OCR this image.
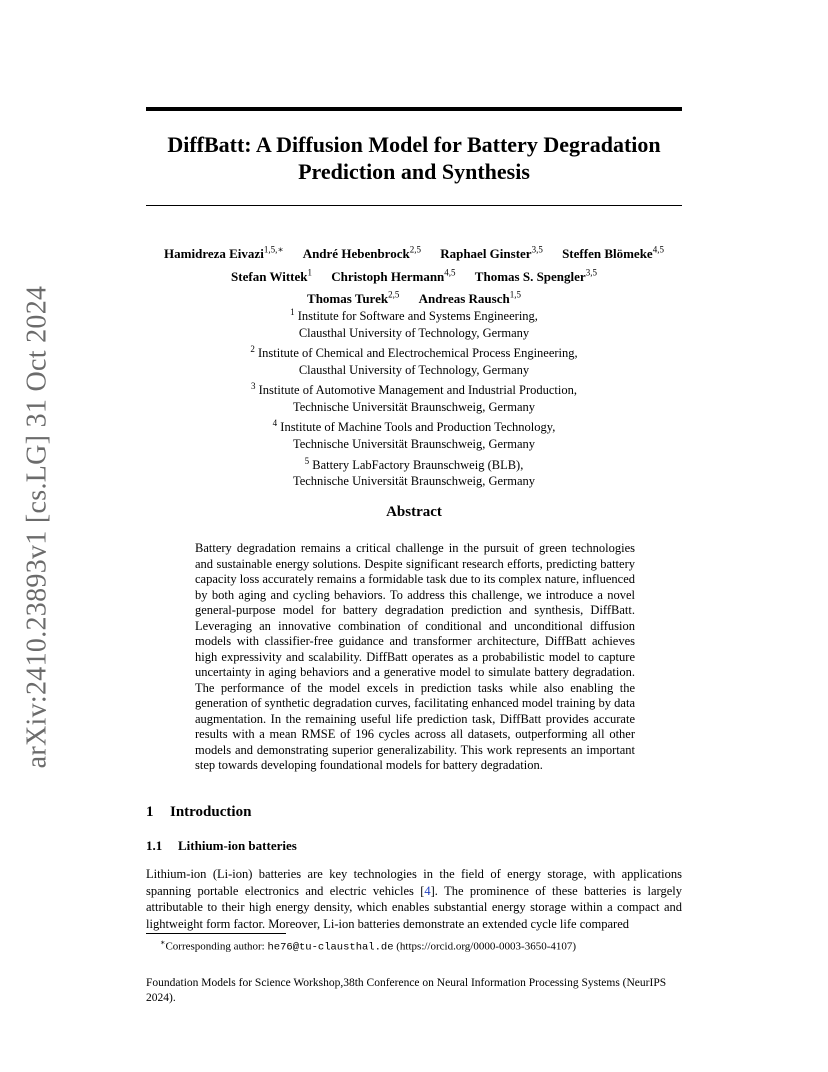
arXiv:2410.23893v1 [cs.LG] 31 Oct 2024
DiffBatt: A Diffusion Model for Battery Degradation
Prediction and Synthesis
Hamidreza Eivazi$^{1,5,∗}$ André Hebenbrock$^{2,5}$ Raphael Ginster$^{3,5}$ Steffen Blömeke$^{4,5}$
Stefan Wittek$^1$ Christoph Hermann$^{4,5}$ Thomas S. Spengler$^{3,5}$
Thomas Turek$^{2,5}$ Andreas Rausch$^{1,5}$
$^1$ Institute for Software and Systems Engineering,
Clausthal University of Technology, Germany
$^2$ Institute of Chemical and Electrochemical Process Engineering,
Clausthal University of Technology, Germany
$^3$ Institute of Automotive Management and Industrial Production,
Technische Universität Braunschweig, Germany
$^4$ Institute of Machine Tools and Production Technology,
Technische Universität Braunschweig, Germany
$^5$ Battery LabFactory Braunschweig (BLB),
Technische Universität Braunschweig, Germany
Abstract
Battery degradation remains a critical challenge in the pursuit of green technologies and sustainable energy solutions. Despite significant research efforts, predicting battery capacity loss accurately remains a formidable task due to its complex nature, influenced by both aging and cycling behaviors. To address this challenge, we introduce a novel general-purpose model for battery degradation prediction and synthesis, DiffBatt. Leveraging an innovative combination of conditional and unconditional diffusion models with classifier-free guidance and transformer architecture, DiffBatt achieves high expressivity and scalability. DiffBatt operates as a probabilistic model to capture uncertainty in aging behaviors and a generative model to simulate battery degradation. The performance of the model excels in prediction tasks while also enabling the generation of synthetic degradation curves, facilitating enhanced model training by data augmentation. In the remaining useful life prediction task, DiffBatt provides accurate results with a mean RMSE of 196 cycles across all datasets, outperforming all other models and demonstrating superior generalizability. This work represents an important step towards developing foundational models for battery degradation.
1 Introduction
1.1 Lithium-ion batteries
Lithium-ion (Li-ion) batteries are key technologies in the field of energy storage, with applications spanning portable electronics and electric vehicles [4]. The prominence of these batteries is largely attributable to their high energy density, which enables substantial energy storage within a compact and lightweight form factor. Moreover, Li-ion batteries demonstrate an extended cycle life compared
∗Corresponding author: he76@tu-clausthal.de (https://orcid.org/0000-0003-3650-4107)
Foundation Models for Science Workshop,38th Conference on Neural Information Processing Systems (NeurIPS 2024).
